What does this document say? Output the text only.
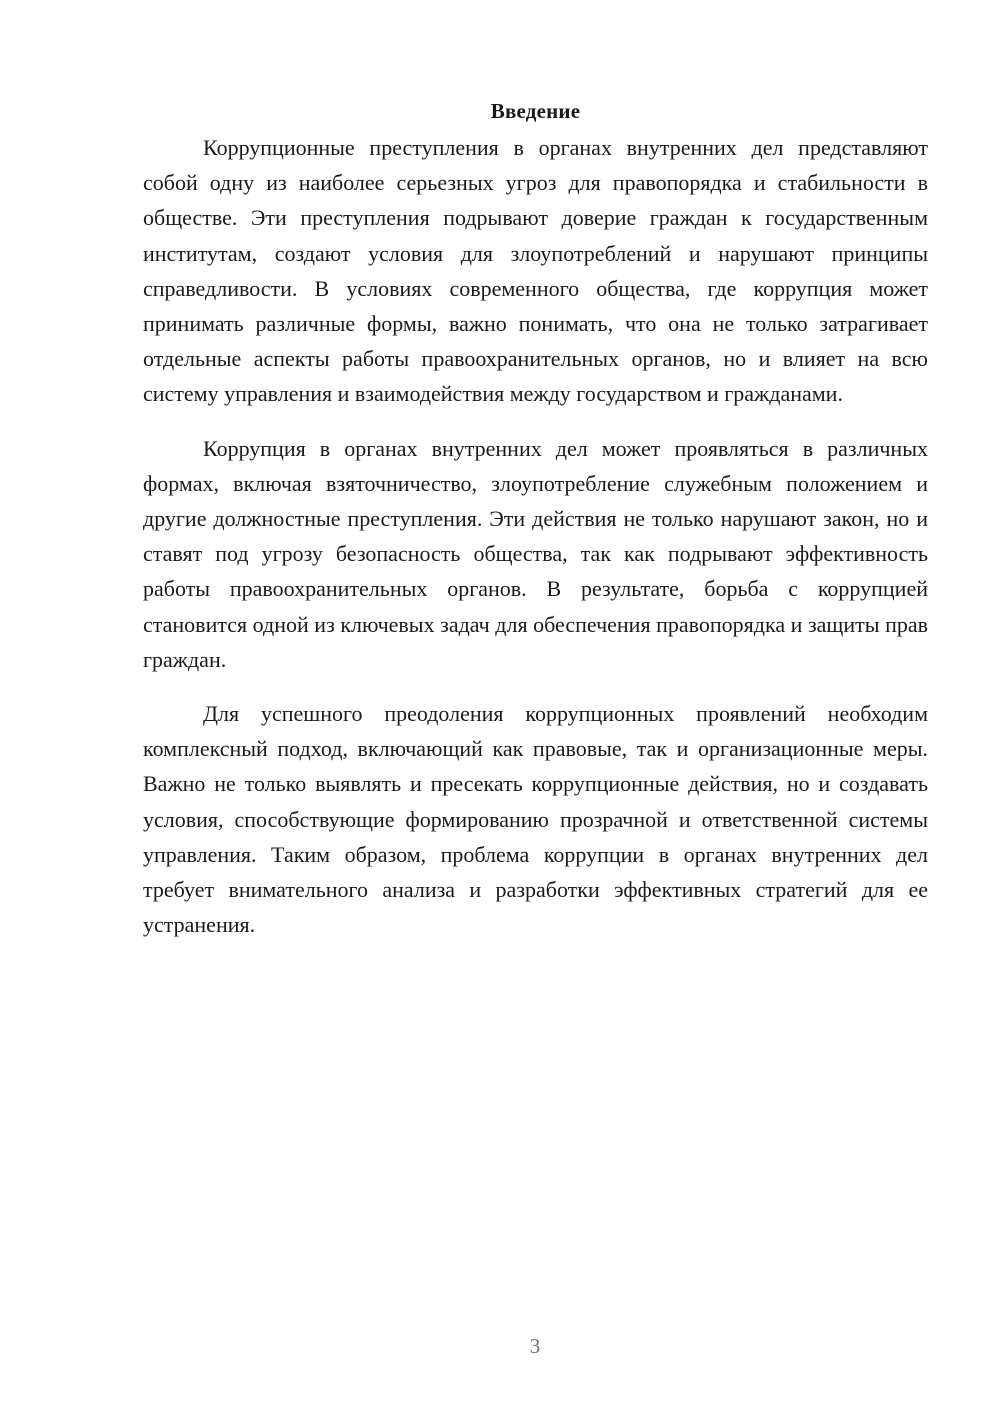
Введение

Коррупционные преступления в органах внутренних дел представляют собой одну из наиболее серьезных угроз для правопорядка и стабильности в обществе. Эти преступления подрывают доверие граждан к государственным институтам, создают условия для злоупотреблений и нарушают принципы справедливости. В условиях современного общества, где коррупция может принимать различные формы, важно понимать, что она не только затрагивает отдельные аспекты работы правоохранительных органов, но и влияет на всю систему управления и взаимодействия между государством и гражданами.

Коррупция в органах внутренних дел может проявляться в различных формах, включая взяточничество, злоупотребление служебным положением и другие должностные преступления. Эти действия не только нарушают закон, но и ставят под угрозу безопасность общества, так как подрывают эффективность работы правоохранительных органов. В результате, борьба с коррупцией становится одной из ключевых задач для обеспечения правопорядка и защиты прав граждан.

Для успешного преодоления коррупционных проявлений необходим комплексный подход, включающий как правовые, так и организационные меры. Важно не только выявлять и пресекать коррупционные действия, но и создавать условия, способствующие формированию прозрачной и ответственной системы управления. Таким образом, проблема коррупции в органах внутренних дел требует внимательного анализа и разработки эффективных стратегий для ее устранения.

3
